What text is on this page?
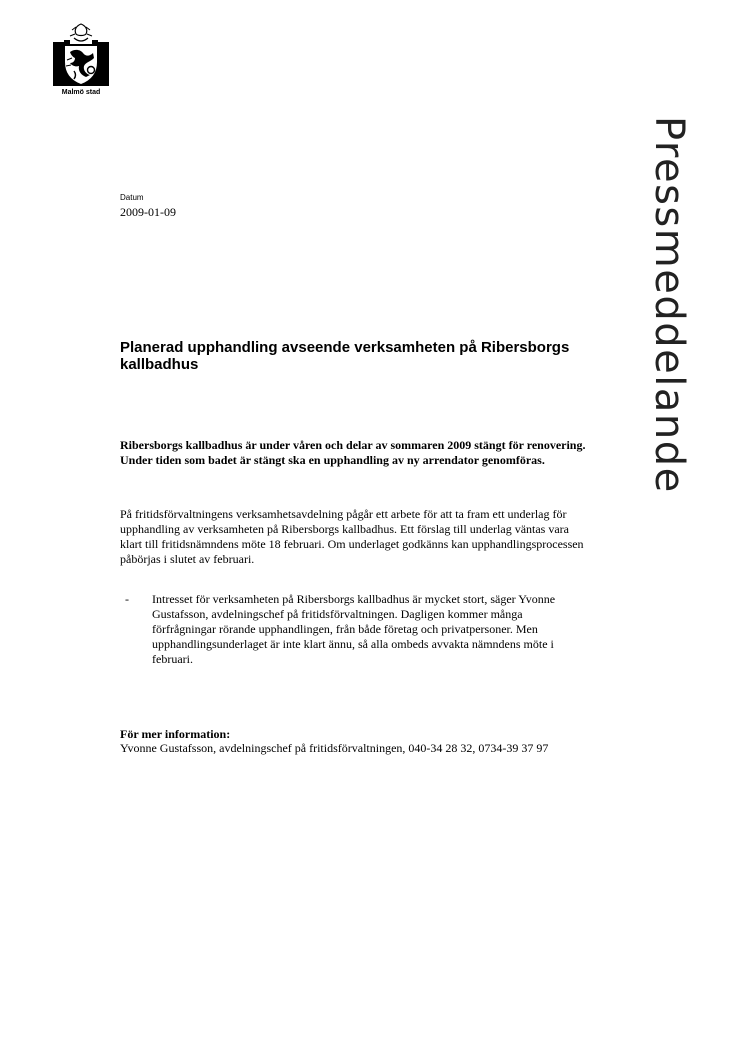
Malmö stad
Pressmeddelande
Datum
2009-01-09
Planerad upphandling avseende verksamheten på Ribersborgs kallbadhus

Ribersborgs kallbadhus är under våren och delar av sommaren 2009 stängt för renovering. Under tiden som badet är stängt ska en upphandling av ny arrendator genomföras.

På fritidsförvaltningens verksamhetsavdelning pågår ett arbete för att ta fram ett underlag för upphandling av verksamheten på Ribersborgs kallbadhus. Ett förslag till underlag väntas vara klart till fritidsnämndens möte 18 februari. Om underlaget godkänns kan upphandlingsprocessen påbörjas i slutet av februari.

-	Intresset för verksamheten på Ribersborgs kallbadhus är mycket stort, säger Yvonne Gustafsson, avdelningschef på fritidsförvaltningen. Dagligen kommer många förfrågningar rörande upphandlingen, från både företag och privatpersoner. Men upphandlingsunderlaget är inte klart ännu, så alla ombeds avvakta nämndens möte i februari.

För mer information:

Yvonne Gustafsson, avdelningschef på fritidsförvaltningen, 040-34 28 32, 0734-39 37 97
